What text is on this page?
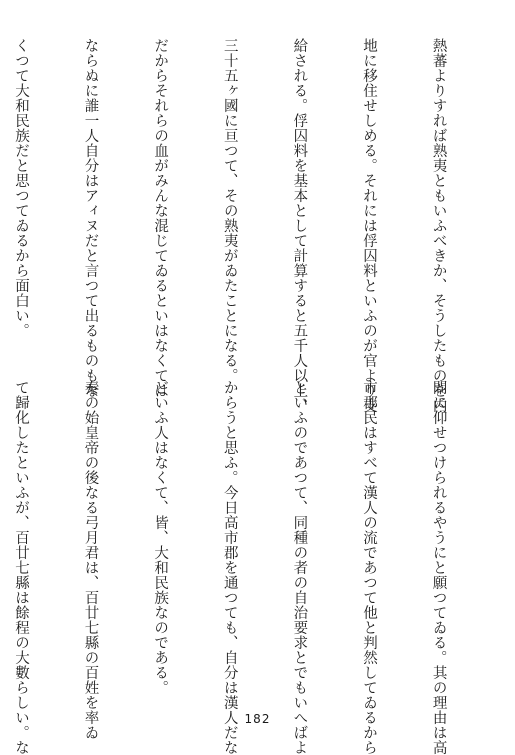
熱蕃よりすれば熟夷ともいふべきか、そうしたものを内

地に移住せしめる。それには俘囚料といふのが官より支

給される。俘囚料を基本として計算すると五千人以上、

三十五ヶ國に亘つて、その熟夷がゐたことになる。

だからそれらの血がみんな混じてゐるといはなくては

ならぬに誰一人自分はアィヌだと言つて出るものもな

くつて大和民族だと思つてゐるから面白い。

間に仰せつけられるやうにと願つてゐる。其の理由は高

市郡民はすべて漢人の流であつて他と判然してゐるから

といふのであつて、同種の者の自治要求とでもいへばよ

からうと思ふ。今日高市郡を通つても、自分は漢人だな

どいふ人はなくて、皆、大和民族なのである。

秦の始皇帝の後なる弓月君は、百廿七縣の百姓を率ゐ

て歸化したといふが、百廿七縣は餘程の大數らしい。な

	182
